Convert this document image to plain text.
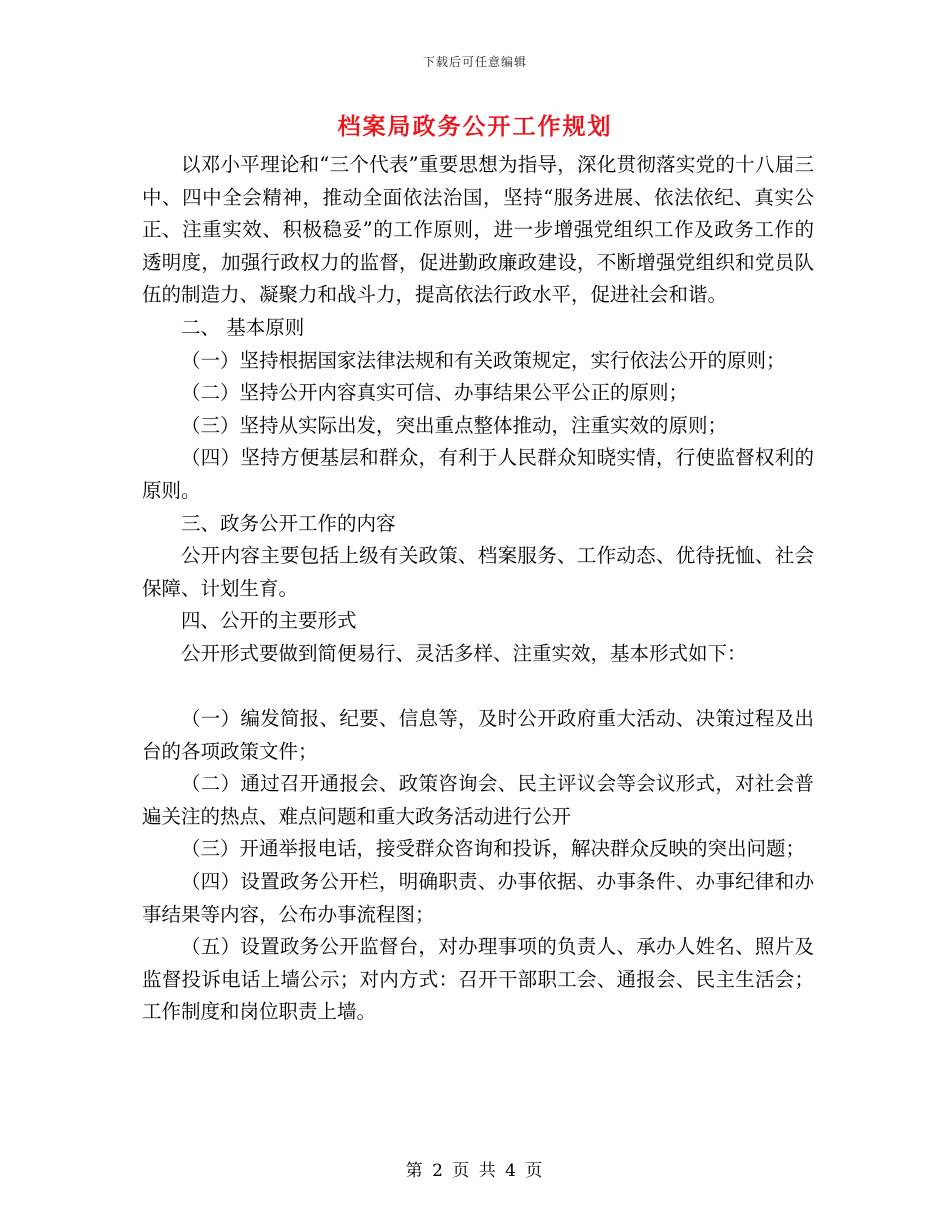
下载后可任意编辑
档案局政务公开工作规划

以邓小平理论和“三个代表”重要思想为指导，深化贯彻落实党的十八届三中、四中全会精神，推动全面依法治国，坚持“服务进展、依法依纪、真实公正、注重实效、积极稳妥”的工作原则，进一步增强党组织工作及政务工作的透明度，加强行政权力的监督，促进勤政廉政建设，不断增强党组织和党员队伍的制造力、凝聚力和战斗力，提高依法行政水平，促进社会和谐。

二、 基本原则

（一）坚持根据国家法律法规和有关政策规定，实行依法公开的原则；

（二）坚持公开内容真实可信、办事结果公平公正的原则；

（三）坚持从实际出发，突出重点整体推动，注重实效的原则；

（四）坚持方便基层和群众，有利于人民群众知晓实情，行使监督权利的原则。

三、政务公开工作的内容

公开内容主要包括上级有关政策、档案服务、工作动态、优待抚恤、社会保障、计划生育。

四、公开的主要形式

公开形式要做到简便易行、灵活多样、注重实效，基本形式如下：

（一）编发简报、纪要、信息等，及时公开政府重大活动、决策过程及出台的各项政策文件；

（二）通过召开通报会、政策咨询会、民主评议会等会议形式，对社会普遍关注的热点、难点问题和重大政务活动进行公开

（三）开通举报电话，接受群众咨询和投诉，解决群众反映的突出问题；

（四）设置政务公开栏，明确职责、办事依据、办事条件、办事纪律和办事结果等内容，公布办事流程图；

（五）设置政务公开监督台，对办理事项的负责人、承办人姓名、照片及监督投诉电话上墙公示；对内方式：召开干部职工会、通报会、民主生活会；工作制度和岗位职责上墙。

第 2 页 共 4 页
